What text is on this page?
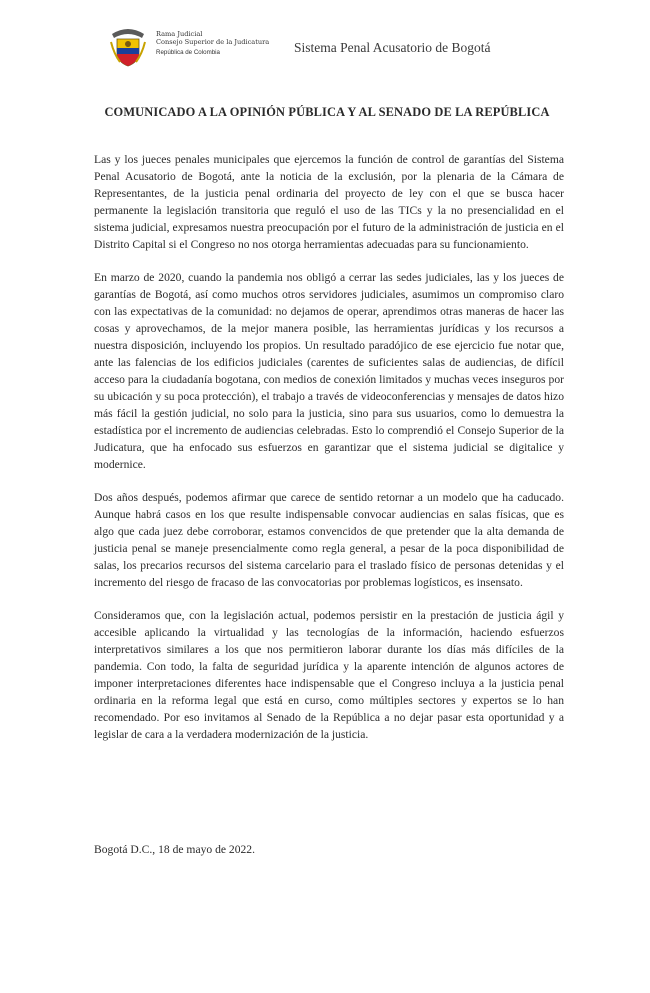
Rama Judicial
Consejo Superior de la Judicatura
República de Colombia	Sistema Penal Acusatorio de Bogotá
COMUNICADO A LA OPINIÓN PÚBLICA Y AL SENADO DE LA REPÚBLICA

Las y los jueces penales municipales que ejercemos la función de control de garantías del Sistema Penal Acusatorio de Bogotá, ante la noticia de la exclusión, por la plenaria de la Cámara de Representantes, de la justicia penal ordinaria del proyecto de ley con el que se busca hacer permanente la legislación transitoria que reguló el uso de las TICs y la no presencialidad en el sistema judicial, expresamos nuestra preocupación por el futuro de la administración de justicia en el Distrito Capital si el Congreso no nos otorga herramientas adecuadas para su funcionamiento.

En marzo de 2020, cuando la pandemia nos obligó a cerrar las sedes judiciales, las y los jueces de garantías de Bogotá, así como muchos otros servidores judiciales, asumimos un compromiso claro con las expectativas de la comunidad: no dejamos de operar, aprendimos otras maneras de hacer las cosas y aprovechamos, de la mejor manera posible, las herramientas jurídicas y los recursos a nuestra disposición, incluyendo los propios. Un resultado paradójico de ese ejercicio fue notar que, ante las falencias de los edificios judiciales (carentes de suficientes salas de audiencias, de difícil acceso para la ciudadanía bogotana, con medios de conexión limitados y muchas veces inseguros por su ubicación y su poca protección), el trabajo a través de videoconferencias y mensajes de datos hizo más fácil la gestión judicial, no solo para la justicia, sino para sus usuarios, como lo demuestra la estadística por el incremento de audiencias celebradas. Esto lo comprendió el Consejo Superior de la Judicatura, que ha enfocado sus esfuerzos en garantizar que el sistema judicial se digitalice y modernice.

Dos años después, podemos afirmar que carece de sentido retornar a un modelo que ha caducado. Aunque habrá casos en los que resulte indispensable convocar audiencias en salas físicas, que es algo que cada juez debe corroborar, estamos convencidos de que pretender que la alta demanda de justicia penal se maneje presencialmente como regla general, a pesar de la poca disponibilidad de salas, los precarios recursos del sistema carcelario para el traslado físico de personas detenidas y el incremento del riesgo de fracaso de las convocatorias por problemas logísticos, es insensato.

Consideramos que, con la legislación actual, podemos persistir en la prestación de justicia ágil y accesible aplicando la virtualidad y las tecnologías de la información, haciendo esfuerzos interpretativos similares a los que nos permitieron laborar durante los días más difíciles de la pandemia. Con todo, la falta de seguridad jurídica y la aparente intención de algunos actores de imponer interpretaciones diferentes hace indispensable que el Congreso incluya a la justicia penal ordinaria en la reforma legal que está en curso, como múltiples sectores y expertos se lo han recomendado. Por eso invitamos al Senado de la República a no dejar pasar esta oportunidad y a legislar de cara a la verdadera modernización de la justicia.

Bogotá D.C., 18 de mayo de 2022.
